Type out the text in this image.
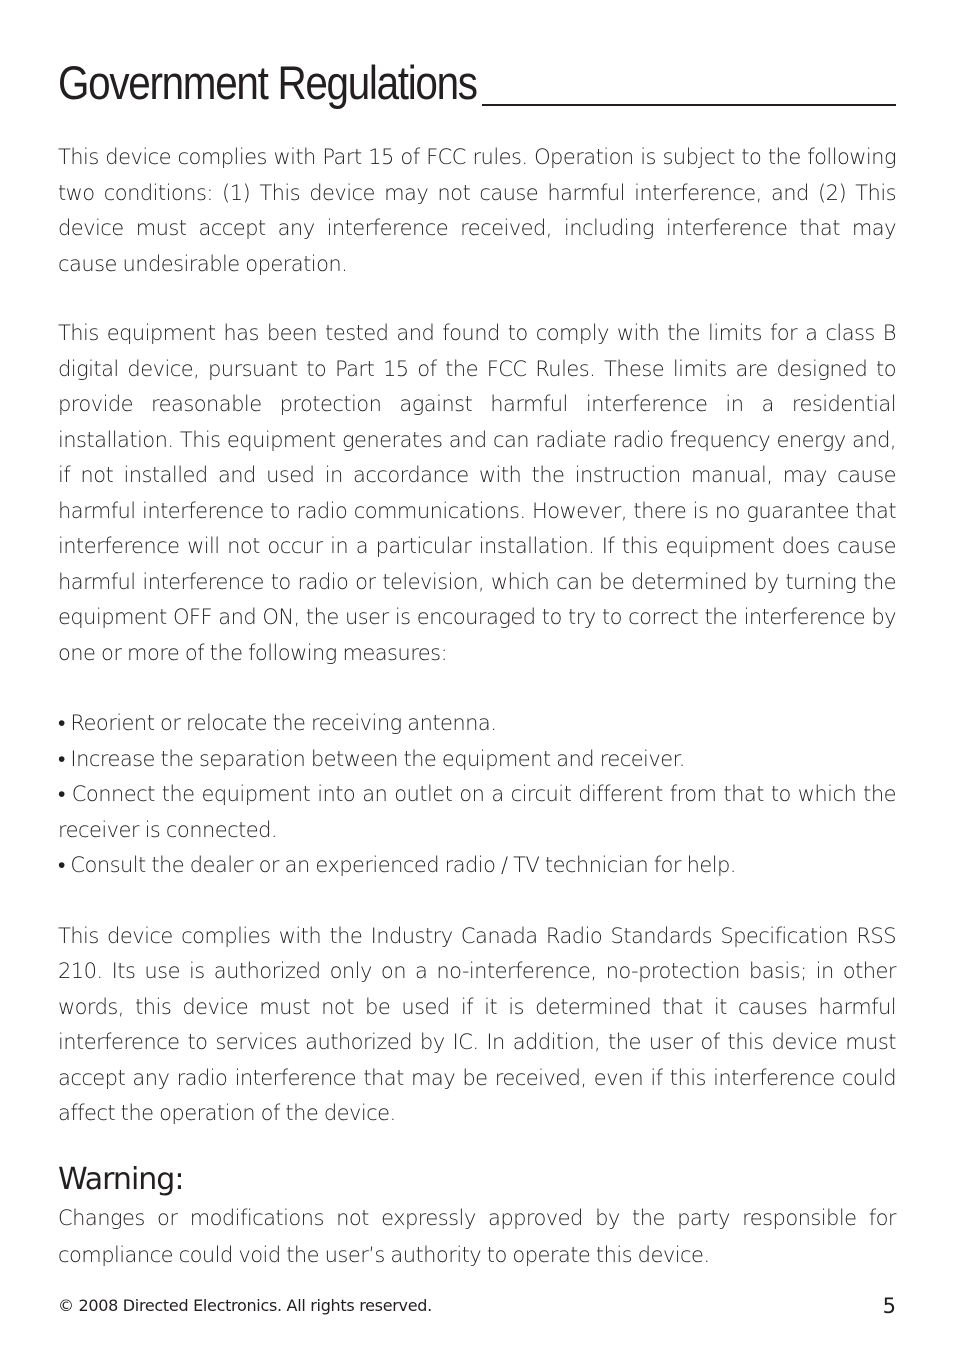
Government Regulations

This device complies with Part 15 of FCC rules. Operation is subject to the following two conditions: (1) This device may not cause harmful interference, and (2) This device must accept any interference received, including interference that may cause undesirable operation.

This equipment has been tested and found to comply with the limits for a class B digital device, pursuant to Part 15 of the FCC Rules. These limits are designed to provide reasonable protection against harmful interference in a residential installation. This equipment generates and can radiate radio frequency energy and, if not installed and used in accordance with the instruction manual, may cause harmful interference to radio communications. However, there is no guarantee that interference will not occur in a particular installation. If this equipment does cause harmful interference to radio or television, which can be determined by turning the equipment OFF and ON, the user is encouraged to try to correct the interference by one or more of the following measures:

• Reorient or relocate the receiving antenna.

• Increase the separation between the equipment and receiver.

• Connect the equipment into an outlet on a circuit different from that to which the receiver is connected.

• Consult the dealer or an experienced radio / TV technician for help.

This device complies with the Industry Canada Radio Standards Specification RSS 210. Its use is authorized only on a no-interference, no-protection basis; in other words, this device must not be used if it is determined that it causes harmful interference to services authorized by IC. In addition, the user of this device must accept any radio interference that may be received, even if this interference could affect the operation of the device.

Warning:

Changes or modifications not expressly approved by the party responsible for compliance could void the user’s authority to operate this device.

© 2008 Directed Electronics. All rights reserved.	5
